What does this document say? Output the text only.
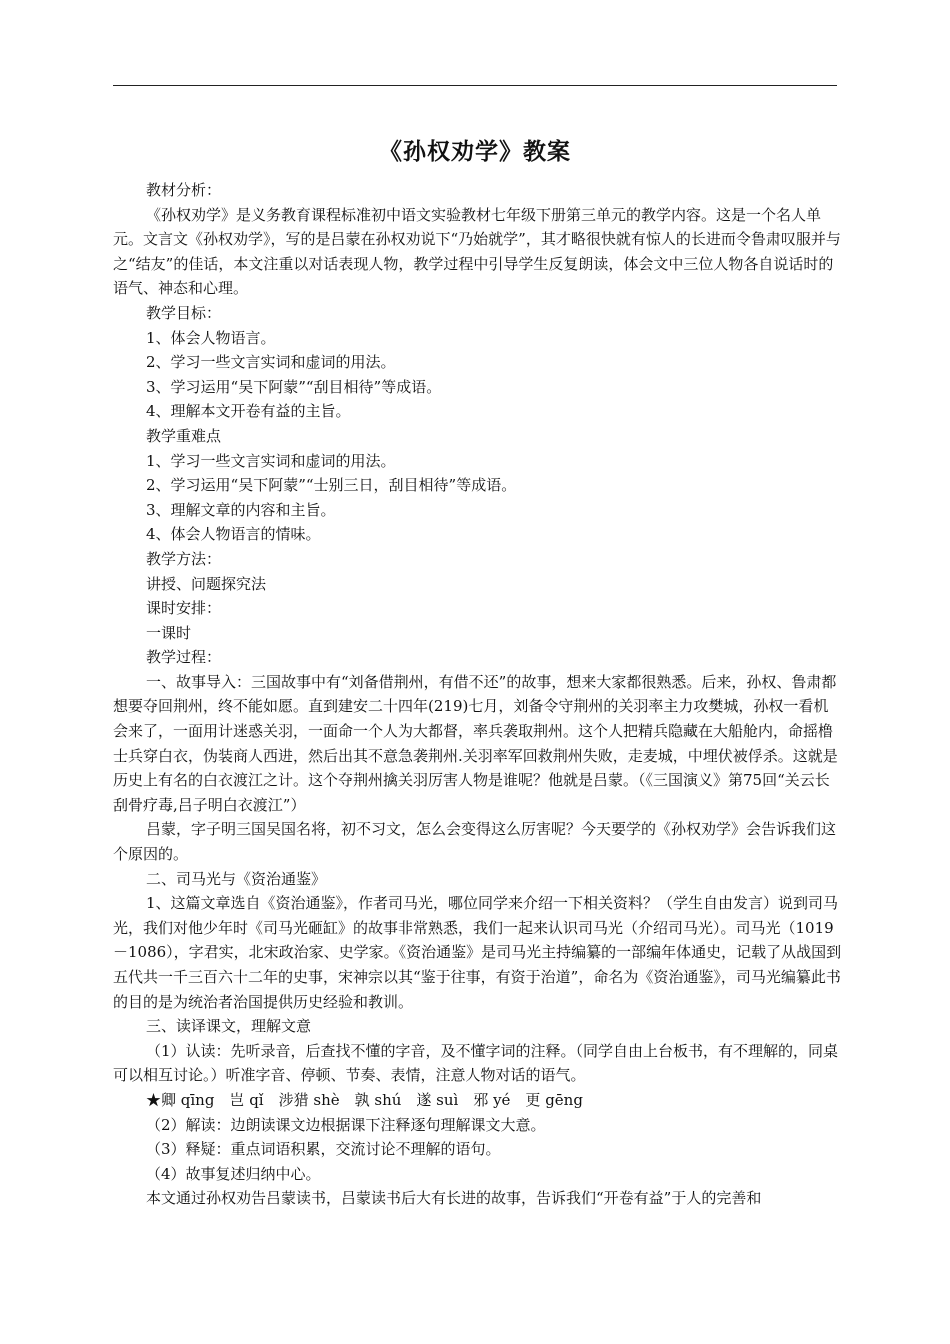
《孙权劝学》教案

教材分析：

《孙权劝学》是义务教育课程标准初中语文实验教材七年级下册第三单元的教学内容。这是一个名人单元。文言文《孙权劝学》，写的是吕蒙在孙权劝说下“乃始就学”，其才略很快就有惊人的长进而令鲁肃叹服并与之“结友”的佳话，本文注重以对话表现人物，教学过程中引导学生反复朗读，体会文中三位人物各自说话时的语气、神态和心理。

教学目标：

1、体会人物语言。

2、学习一些文言实词和虚词的用法。

3、学习运用“吴下阿蒙”“刮目相待”等成语。

4、理解本文开卷有益的主旨。

教学重难点

1、学习一些文言实词和虚词的用法。

2、学习运用“吴下阿蒙”“士别三日，刮目相待”等成语。

3、理解文章的内容和主旨。

4、体会人物语言的情味。

教学方法：

讲授、问题探究法

课时安排：

一课时

教学过程：

一、故事导入：三国故事中有“刘备借荆州，有借不还”的故事，想来大家都很熟悉。后来，孙权、鲁肃都想要夺回荆州，终不能如愿。直到建安二十四年(219)七月，刘备令守荆州的关羽率主力攻樊城，孙权一看机会来了，一面用计迷惑关羽，一面命一个人为大都督，率兵袭取荆州。这个人把精兵隐藏在大船舱内，命摇橹士兵穿白衣，伪装商人西进，然后出其不意急袭荆州.关羽率军回救荆州失败，走麦城，中埋伏被俘杀。这就是历史上有名的白衣渡江之计。这个夺荆州擒关羽厉害人物是谁呢？他就是吕蒙。（《三国演义》第75回“关云长刮骨疗毒,吕子明白衣渡江”）

吕蒙，字子明三国吴国名将，初不习文，怎么会变得这么厉害呢？今天要学的《孙权劝学》会告诉我们这个原因的。

二、司马光与《资治通鉴》

1、这篇文章选自《资治通鉴》，作者司马光，哪位同学来介绍一下相关资料？（学生自由发言）说到司马光，我们对他少年时《司马光砸缸》的故事非常熟悉，我们一起来认识司马光（介绍司马光）。司马光（1019－1086），字君实，北宋政治家、史学家。《资治通鉴》是司马光主持编纂的一部编年体通史，记载了从战国到五代共一千三百六十二年的史事，宋神宗以其“鉴于往事，有资于治道”，命名为《资治通鉴》，司马光编纂此书的目的是为统治者治国提供历史经验和教训。

三、读译课文，理解文意

（1）认读：先听录音，后查找不懂的字音，及不懂字词的注释。（同学自由上台板书，有不理解的，同桌可以相互讨论。）听准字音、停顿、节奏、表情，注意人物对话的语气。

★卿 qīng　岂 qǐ　涉猎 shè　孰 shú　遂 suì　邪 yé　更 gēng

（2）解读：边朗读课文边根据课下注释逐句理解课文大意。

（3）释疑：重点词语积累，交流讨论不理解的语句。

（4）故事复述归纳中心。

本文通过孙权劝告吕蒙读书，吕蒙读书后大有长进的故事，告诉我们“开卷有益”于人的完善和
